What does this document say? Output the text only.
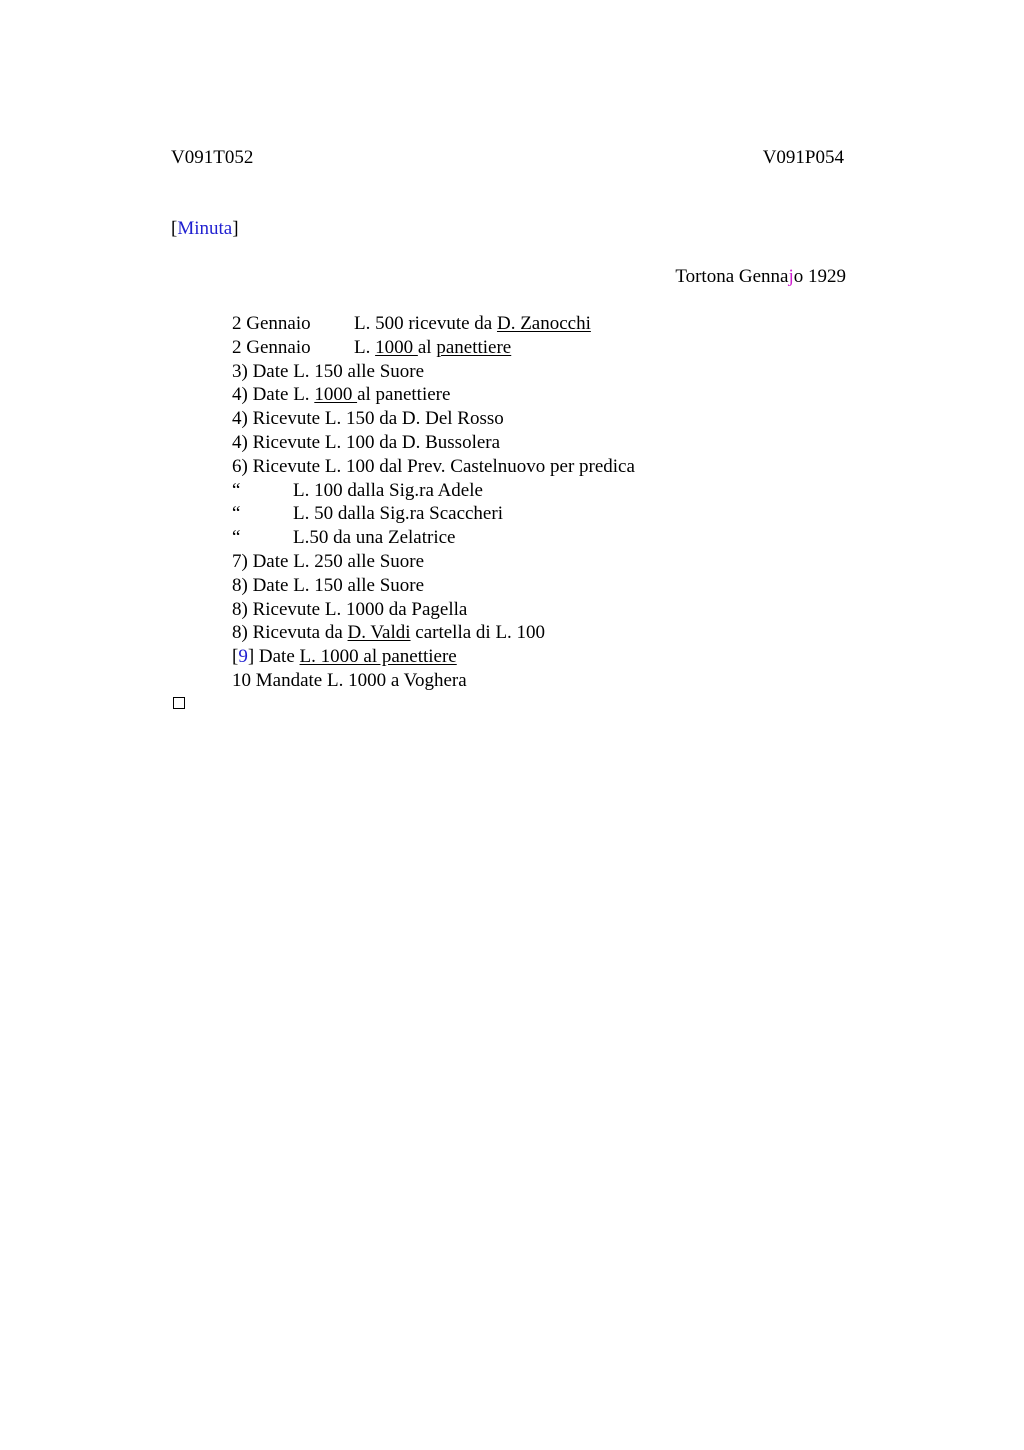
V091T052	V091P054
[Minuta]
Tortona Gennajo 1929
2 Gennaio L. 500 ricevute da D. Zanocchi
2 Gennaio L. 1000 al panettiere
3) Date L. 150 alle Suore
4) Date L. 1000 al panettiere
4) Ricevute L. 150 da D. Del Rosso
4) Ricevute L. 100 da D. Bussolera
6) Ricevute L. 100 dal Prev. Castelnuovo per predica
“	L. 100 dalla Sig.ra Adele
“	L. 50 dalla Sig.ra Scaccheri
“	L.50 da una Zelatrice
7) Date L. 250 alle Suore
8) Date L. 150 alle Suore
8) Ricevute L. 1000 da Pagella
8) Ricevuta da D. Valdi cartella di L. 100
[9] Date L. 1000 al panettiere
10 Mandate L. 1000 a Voghera
